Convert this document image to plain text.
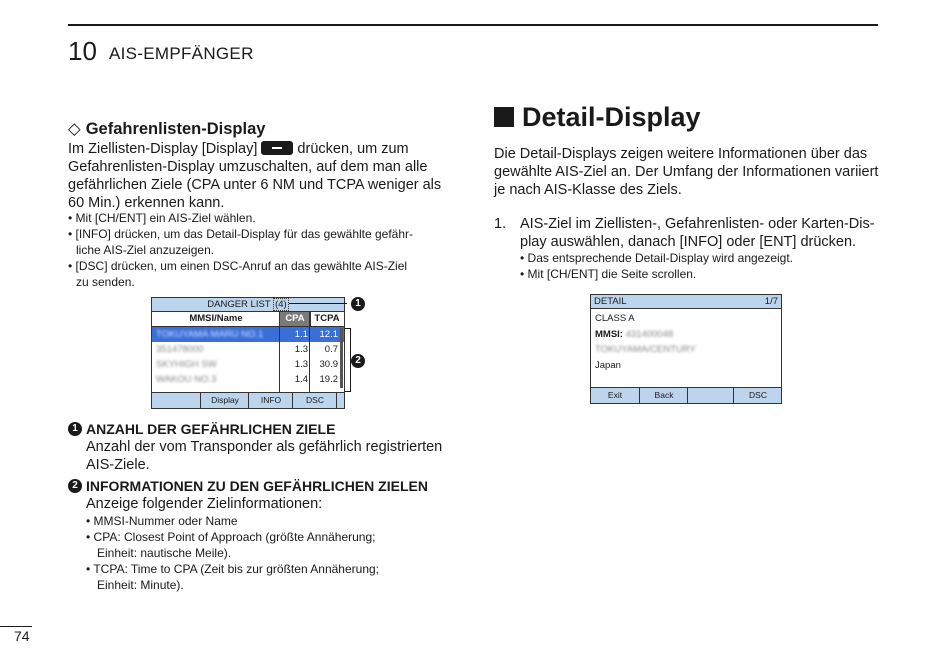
10 AIS-EMPFÄNGER
◇ Gefahrenlisten-Display
Im Ziellisten-Display [Display]	drücken, um zum
Gefahrenlisten-Display umzuschalten, auf dem man alle
gefährlichen Ziele (CPA unter 6 NM und TCPA weniger als
60 Min.) erkennen kann.
• Mit [CH/ENT] ein AIS-Ziel wählen.
• [INFO] drücken, um das Detail-Display für das gewählte gefähr-
liche AIS-Ziel anzuzeigen.
• [DSC] drücken, um einen DSC-Anruf an das gewählte AIS-Ziel
zu senden.
DANGER LIST (4)
MMSI/Name	CPA	TCPA
TOKUYAMA MARU NO.1	1.1	12.1
351478000	1.3	0.7
SKYHIGH SW	1.3	30.9
WAKOU NO.3	1.4	19.2
Display	INFO	DSC
1
2
1 ANZAHL DER GEFÄHRLICHEN ZIELE
Anzahl der vom Transponder als gefährlich registrierten
AIS-Ziele.
2 INFORMATIONEN ZU DEN GEFÄHRLICHEN ZIELEN
Anzeige folgender Zielinformationen:
• MMSI-Nummer oder Name
• CPA: Closest Point of Approach (größte Annäherung;
Einheit: nautische Meile).
• TCPA: Time to CPA (Zeit bis zur größten Annäherung;
Einheit: Minute).
Detail-Display
Die Detail-Displays zeigen weitere Informationen über das
gewählte AIS-Ziel an. Der Umfang der Informationen variiert
je nach AIS-Klasse des Ziels.
1. AIS-Ziel im Ziellisten-, Gefahrenlisten- oder Karten-Dis-
play auswählen, danach [INFO] oder [ENT] drücken.
• Das entsprechende Detail-Display wird angezeigt.
• Mit [CH/ENT] die Seite scrollen.
DETAIL	1/7
CLASS A
MMSI: 431400048
TOKUYAMA/CENTURY
Japan
Exit	Back	DSC
74
